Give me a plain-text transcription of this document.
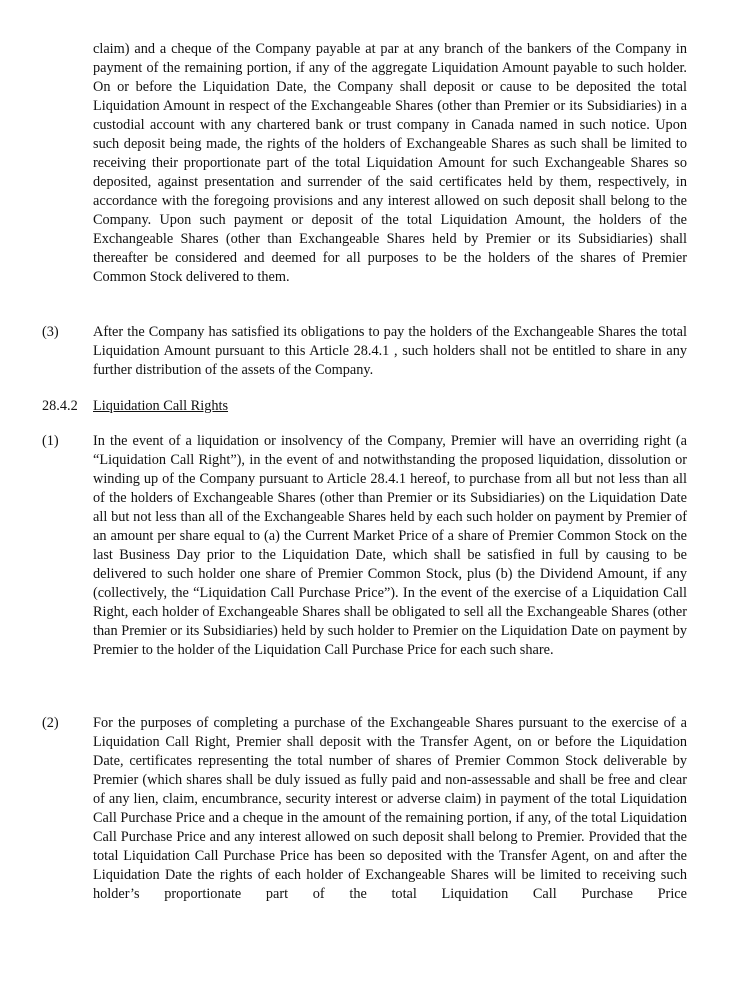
claim) and a cheque of the Company payable at par at any branch of the bankers of the Company in payment of the remaining portion, if any of the aggregate Liquidation Amount payable to such holder. On or before the Liquidation Date, the Company shall deposit or cause to be deposited the total Liquidation Amount in respect of the Exchangeable Shares (other than Premier or its Subsidiaries) in a custodial account with any chartered bank or trust company in Canada named in such notice. Upon such deposit being made, the rights of the holders of Exchangeable Shares as such shall be limited to receiving their proportionate part of the total Liquidation Amount for such Exchangeable Shares so deposited, against presentation and surrender of the said certificates held by them, respectively, in accordance with the foregoing provisions and any interest allowed on such deposit shall belong to the Company. Upon such payment or deposit of the total Liquidation Amount, the holders of the Exchangeable Shares (other than Exchangeable Shares held by Premier or its Subsidiaries) shall thereafter be considered and deemed for all purposes to be the holders of the shares of Premier Common Stock delivered to them.
(3) After the Company has satisfied its obligations to pay the holders of the Exchangeable Shares the total Liquidation Amount pursuant to this Article 28.4.1 , such holders shall not be entitled to share in any further distribution of the assets of the Company.
28.4.2 Liquidation Call Rights
(1) In the event of a liquidation or insolvency of the Company, Premier will have an overriding right (a “Liquidation Call Right”), in the event of and notwithstanding the proposed liquidation, dissolution or winding up of the Company pursuant to Article 28.4.1 hereof, to purchase from all but not less than all of the holders of Exchangeable Shares (other than Premier or its Subsidiaries) on the Liquidation Date all but not less than all of the Exchangeable Shares held by each such holder on payment by Premier of an amount per share equal to (a) the Current Market Price of a share of Premier Common Stock on the last Business Day prior to the Liquidation Date, which shall be satisfied in full by causing to be delivered to such holder one share of Premier Common Stock, plus (b) the Dividend Amount, if any (collectively, the “Liquidation Call Purchase Price”). In the event of the exercise of a Liquidation Call Right, each holder of Exchangeable Shares shall be obligated to sell all the Exchangeable Shares (other than Premier or its Subsidiaries) held by such holder to Premier on the Liquidation Date on payment by Premier to the holder of the Liquidation Call Purchase Price for each such share.
(2) For the purposes of completing a purchase of the Exchangeable Shares pursuant to the exercise of a Liquidation Call Right, Premier shall deposit with the Transfer Agent, on or before the Liquidation Date, certificates representing the total number of shares of Premier Common Stock deliverable by Premier (which shares shall be duly issued as fully paid and non-assessable and shall be free and clear of any lien, claim, encumbrance, security interest or adverse claim) in payment of the total Liquidation Call Purchase Price and a cheque in the amount of the remaining portion, if any, of the total Liquidation Call Purchase Price and any interest allowed on such deposit shall belong to Premier. Provided that the total Liquidation Call Purchase Price has been so deposited with the Transfer Agent, on and after the Liquidation Date the rights of each holder of Exchangeable Shares will be limited to receiving such holder’s proportionate part of the total Liquidation Call Purchase Price
